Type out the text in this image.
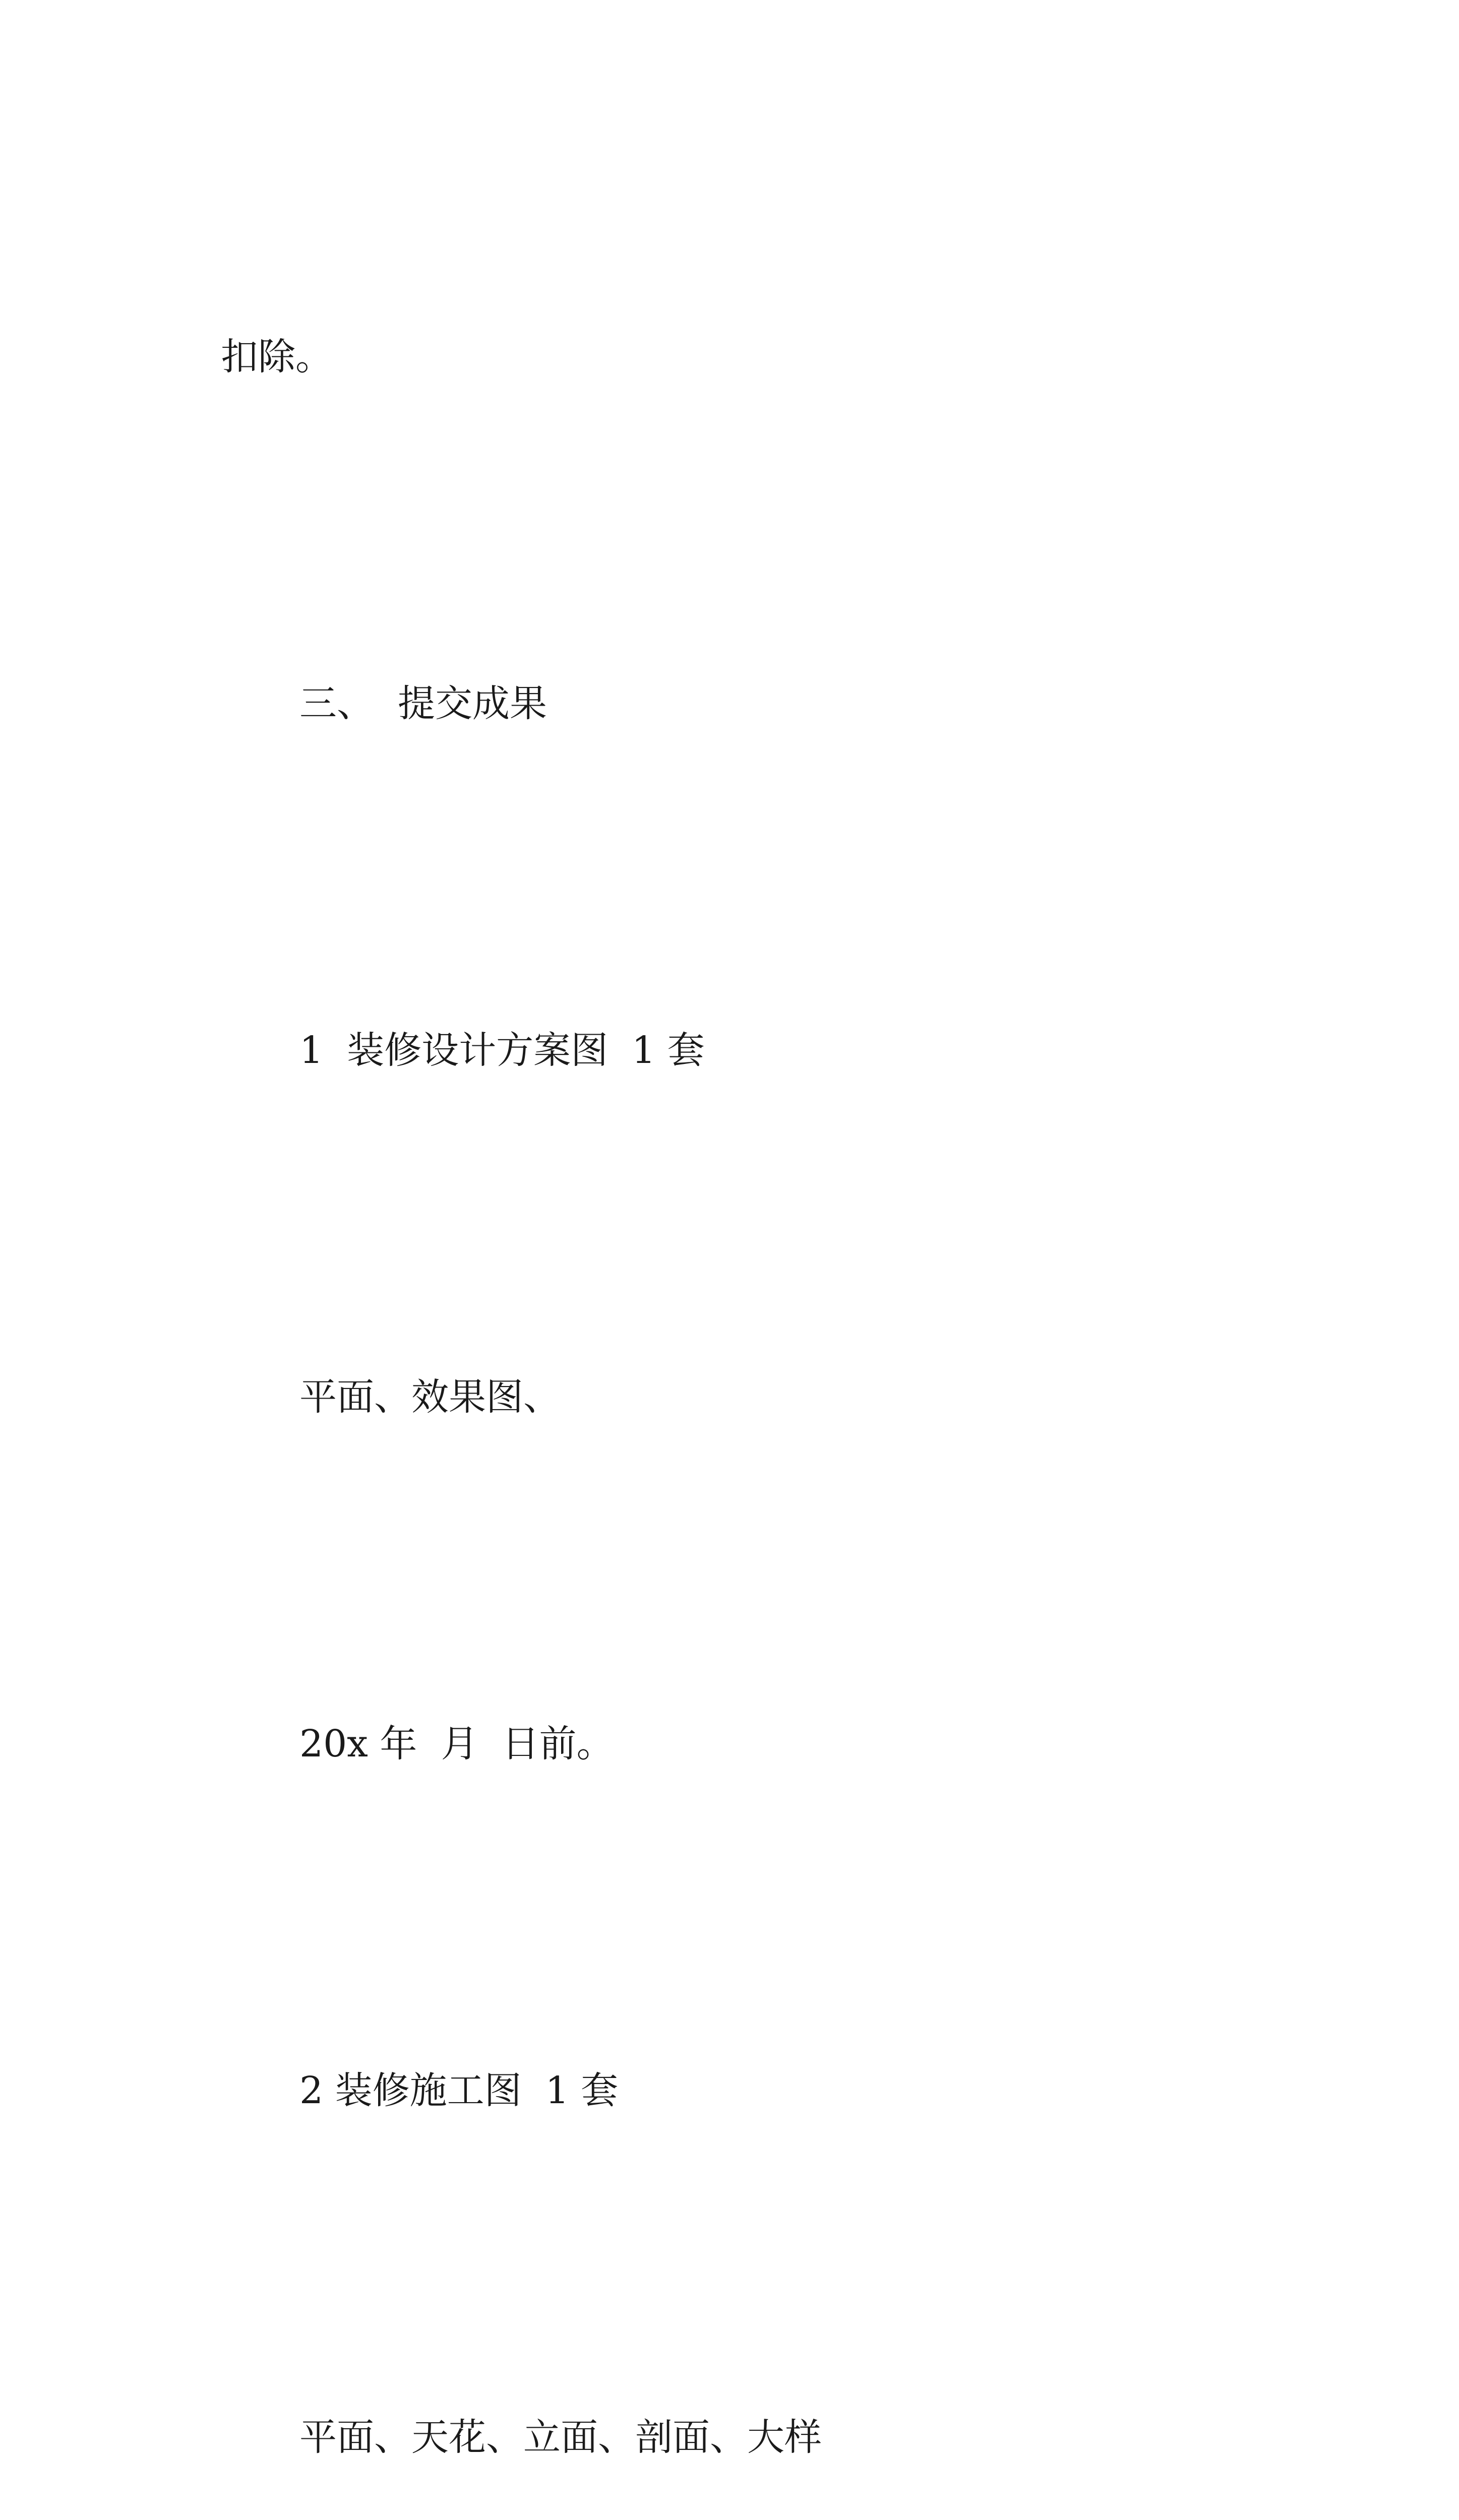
扣除。

三、  提交成果

1  装修设计方案图  1 套

平面、效果图、

20x 年  月  日前。

2 装修施工图  1 套

平面、天花、立面、剖面、大样
